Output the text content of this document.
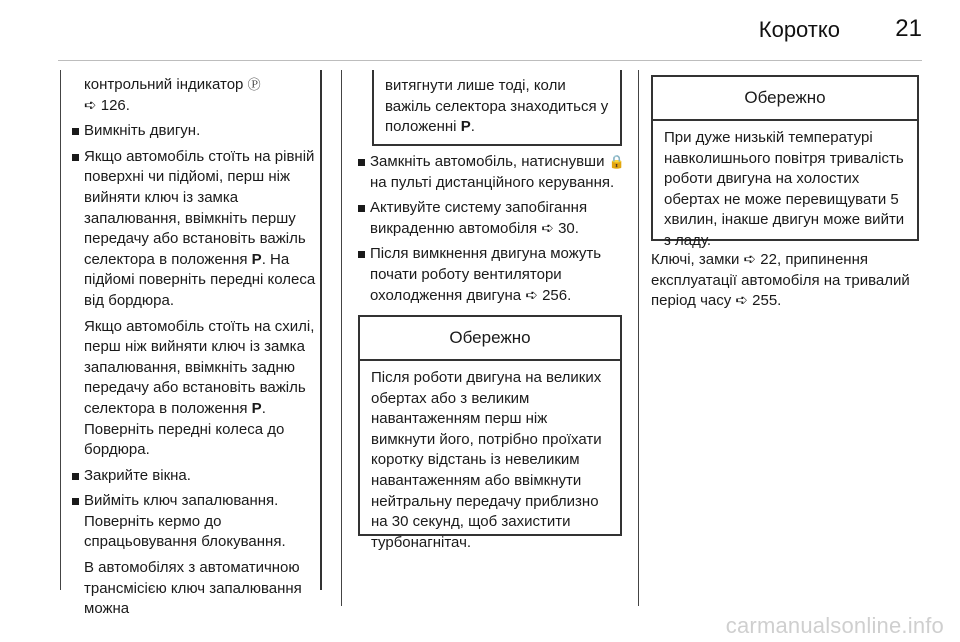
Коротко 21

контрольний індикатор Ⓟ
➪ 126.

Вимкніть двигун.

Якщо автомобіль стоїть на рівній поверхні чи підйомі, перш ніж вийняти ключ із замка запалювання, ввімкніть першу передачу або встановіть важіль селектора в положення P. На підйомі поверніть передні колеса від бордюра.

Якщо автомобіль стоїть на схилі, перш ніж вийняти ключ із замка запалювання, ввімкніть задню передачу або встановіть важіль селектора в положення P. Поверніть передні колеса до бордюра.

Закрийте вікна.

Вийміть ключ запалювання. Поверніть кермо до спрацьовування блокування.

В автомобілях з автоматичною трансмісією ключ запалювання можна

витягнути лише тоді, коли важіль селектора знаходиться у положенні P.

Замкніть автомобіль, натиснувши 🔒 на пульті дистанційного керування.

Активуйте систему запобігання викраденню автомобіля ➪ 30.

Після вимкнення двигуна можуть почати роботу вентилятори охолодження двигуна ➪ 256.

Обережно
Після роботи двигуна на великих обертах або з великим навантаженням перш ніж вимкнути його, потрібно проїхати коротку відстань із невеликим навантаженням або ввімкнути нейтральну передачу приблизно на 30 секунд, щоб захистити турбонагнітач.
Обережно
При дуже низькій температурі навколишнього повітря тривалість роботи двигуна на холостих обертах не може перевищувати 5 хвилин, інакше двигун може вийти з ладу.

Ключі, замки ➪ 22, припинення експлуатації автомобіля на тривалий період часу ➪ 255.

carmanualsonline.info
